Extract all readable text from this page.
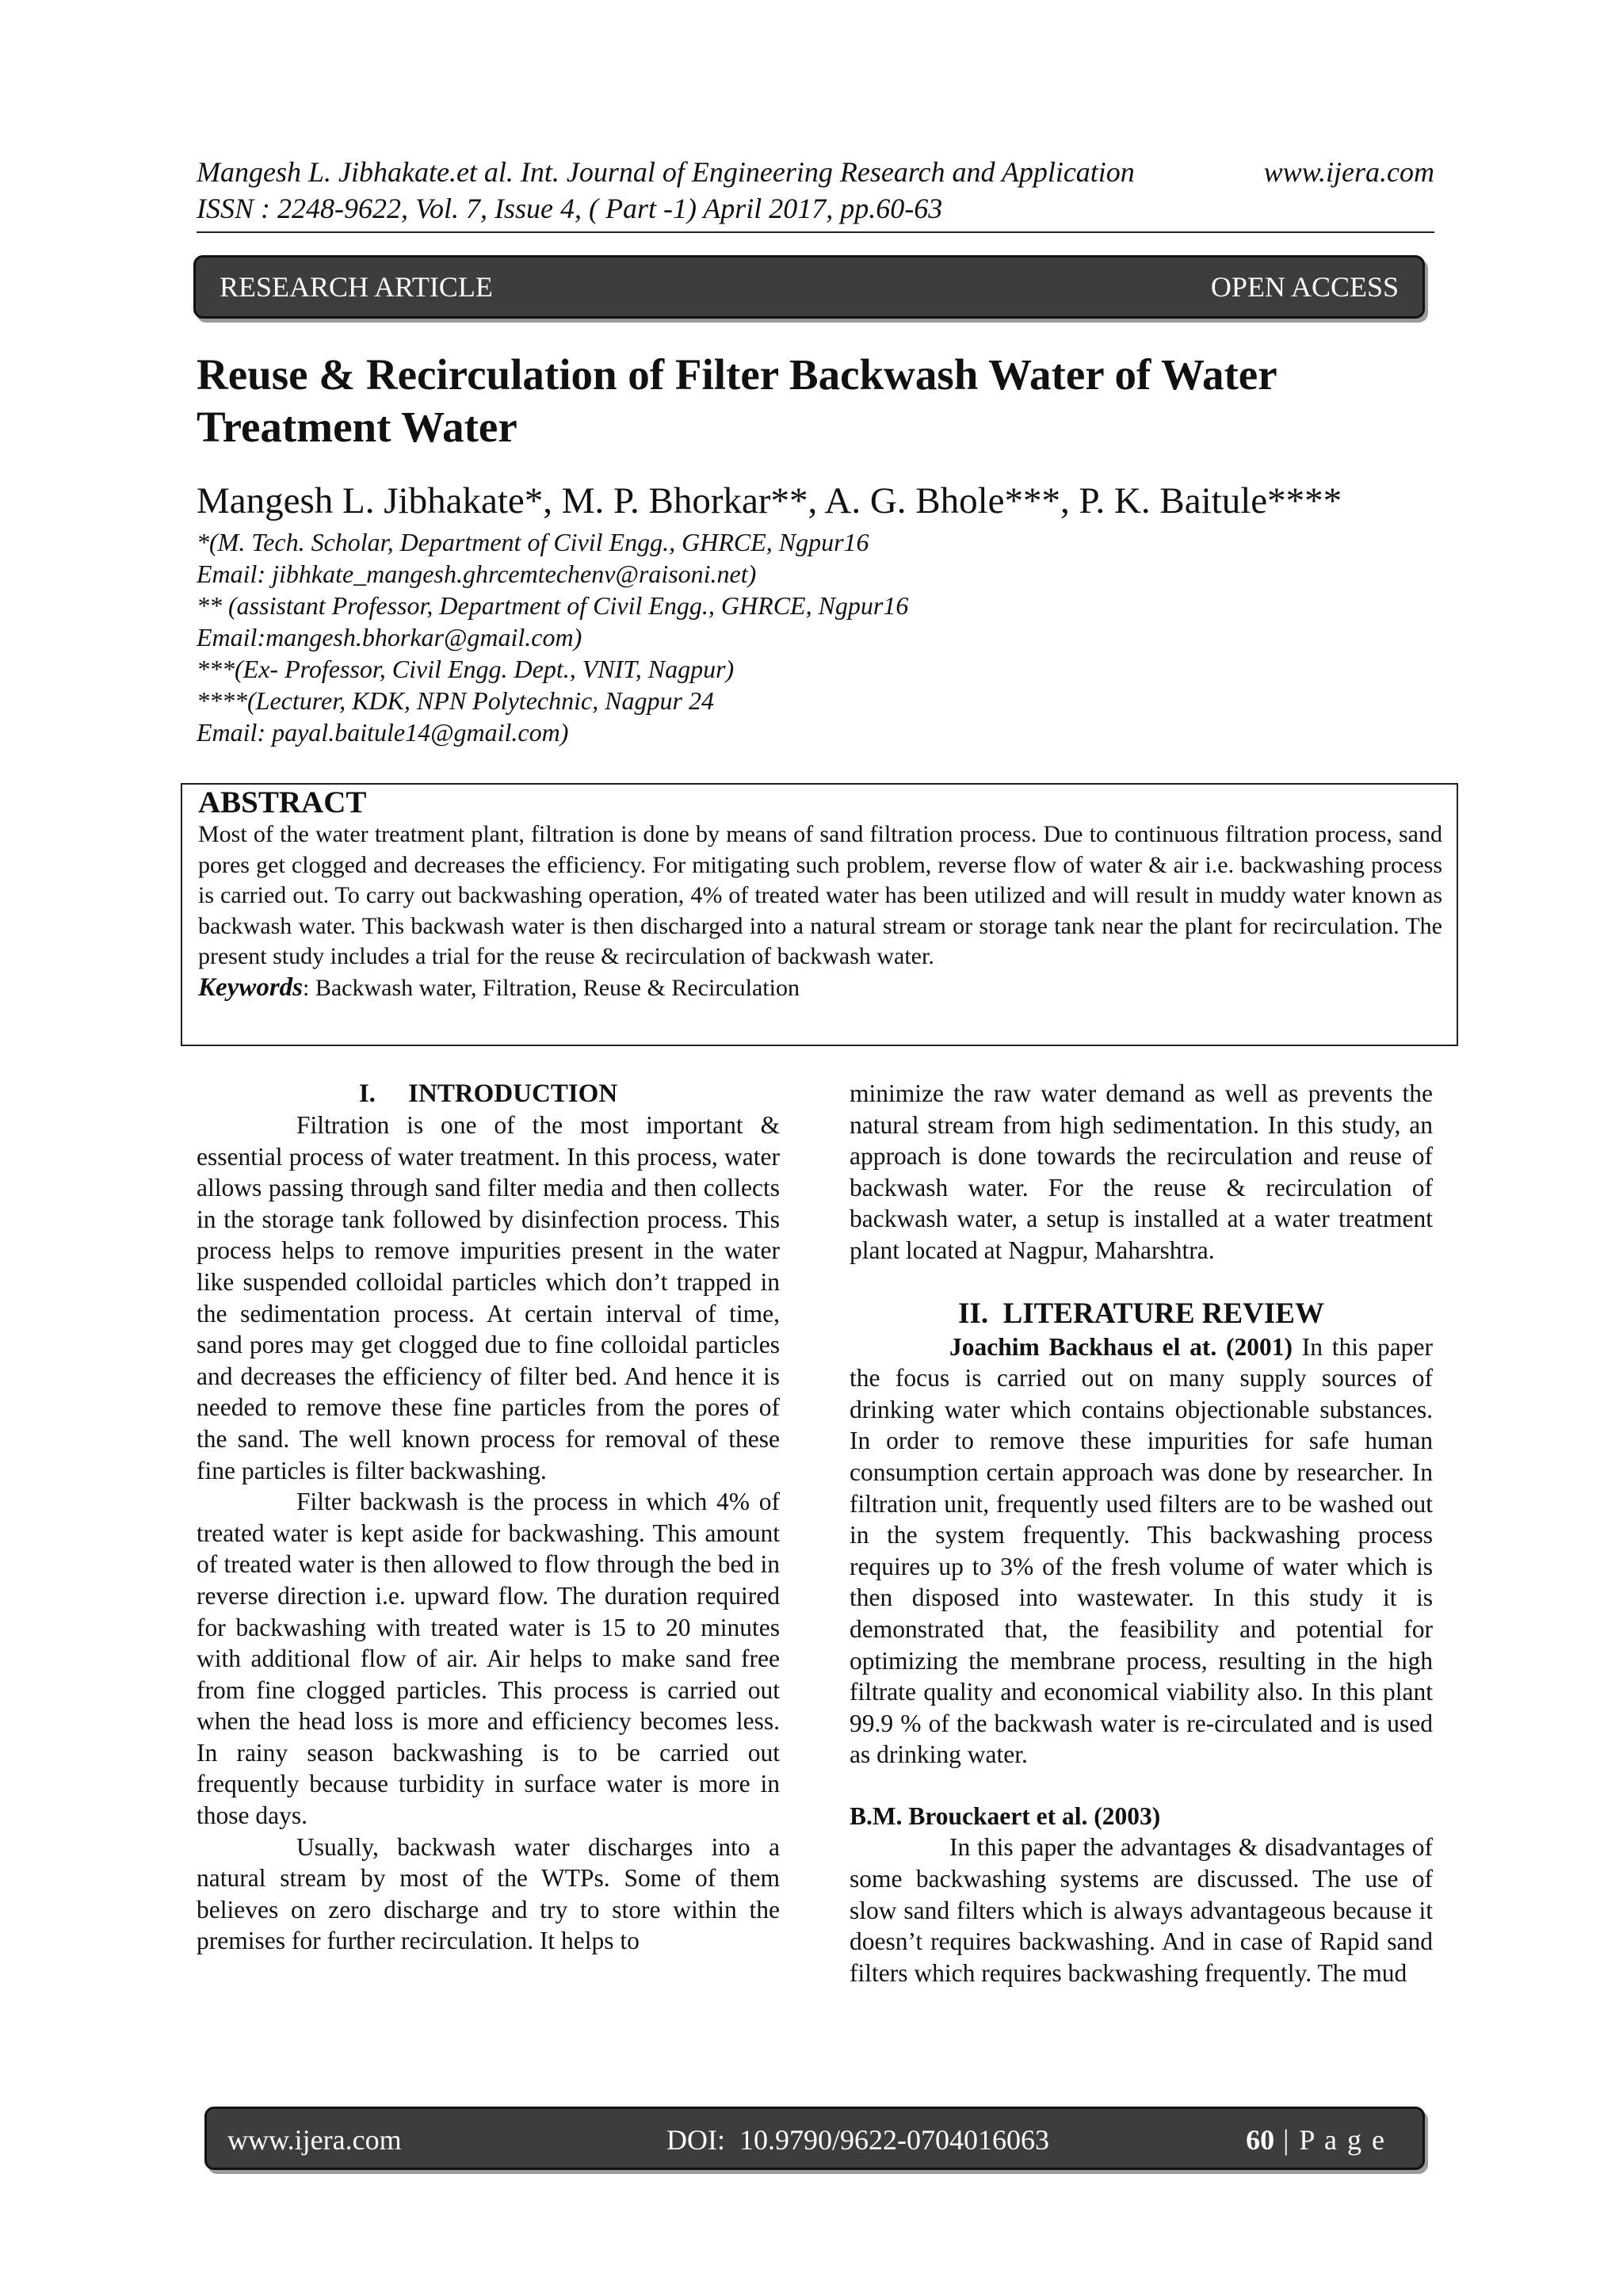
Mangesh L. Jibhakate.et al. Int. Journal of Engineering Research and Application	www.ijera.com
ISSN : 2248-9622, Vol. 7, Issue 4, ( Part -1) April 2017, pp.60-63
RESEARCH ARTICLE	OPEN ACCESS
Reuse & Recirculation of Filter Backwash Water of Water
Treatment Water
Mangesh L. Jibhakate*, M. P. Bhorkar**, A. G. Bhole***, P. K. Baitule****
*(M. Tech. Scholar, Department of Civil Engg., GHRCE, Ngpur16
Email: jibhkate_mangesh.ghrcemtechenv@raisoni.net)
** (assistant Professor, Department of Civil Engg., GHRCE, Ngpur16
Email:mangesh.bhorkar@gmail.com)
***(Ex- Professor, Civil Engg. Dept., VNIT, Nagpur)
****(Lecturer, KDK, NPN Polytechnic, Nagpur 24
Email: payal.baitule14@gmail.com)
ABSTRACT

Most of the water treatment plant, filtration is done by means of sand filtration process. Due to continuous filtration process, sand pores get clogged and decreases the efficiency. For mitigating such problem, reverse flow of water & air i.e. backwashing process is carried out. To carry out backwashing operation, 4% of treated water has been utilized and will result in muddy water known as backwash water. This backwash water is then discharged into a natural stream or storage tank near the plant for recirculation. The present study includes a trial for the reuse & recirculation of backwash water.

Keywords: Backwash water, Filtration, Reuse & Recirculation
I.     INTRODUCTION

Filtration is one of the most important & essential process of water treatment. In this process, water allows passing through sand filter media and then collects in the storage tank followed by disinfection process. This process helps to remove impurities present in the water like suspended colloidal particles which don’t trapped in the sedimentation process. At certain interval of time, sand pores may get clogged due to fine colloidal particles and decreases the efficiency of filter bed. And hence it is needed to remove these fine particles from the pores of the sand. The well known process for removal of these fine particles is filter backwashing.

Filter backwash is the process in which 4% of treated water is kept aside for backwashing. This amount of treated water is then allowed to flow through the bed in reverse direction i.e. upward flow. The duration required for backwashing with treated water is 15 to 20 minutes with additional flow of air. Air helps to make sand free from fine clogged particles. This process is carried out when the head loss is more and efficiency becomes less. In rainy season backwashing is to be carried out frequently because turbidity in surface water is more in those days.

Usually, backwash water discharges into a natural stream by most of the WTPs. Some of them believes on zero discharge and try to store within the premises for further recirculation. It helps to

minimize the raw water demand as well as prevents the natural stream from high sedimentation. In this study, an approach is done towards the recirculation and reuse of backwash water. For the reuse & recirculation of backwash water, a setup is installed at a water treatment plant located at Nagpur, Maharshtra.

II.  LITERATURE REVIEW

Joachim Backhaus el at. (2001) In this paper the focus is carried out on many supply sources of drinking water which contains objectionable substances. In order to remove these impurities for safe human consumption certain approach was done by researcher. In filtration unit, frequently used filters are to be washed out in the system frequently. This backwashing process requires up to 3% of the fresh volume of water which is then disposed into wastewater. In this study it is demonstrated that, the feasibility and potential for optimizing the membrane process, resulting in the high filtrate quality and economical viability also. In this plant 99.9 % of the backwash water is re-circulated and is used as drinking water.

B.M. Brouckaert et al. (2003)

In this paper the advantages & disadvantages of some backwashing systems are discussed. The use of slow sand filters which is always advantageous because it doesn’t requires backwashing. And in case of Rapid sand filters which requires backwashing frequently. The mud

www.ijera.com	DOI:  10.9790/9622-0704016063	60 | P a g e
